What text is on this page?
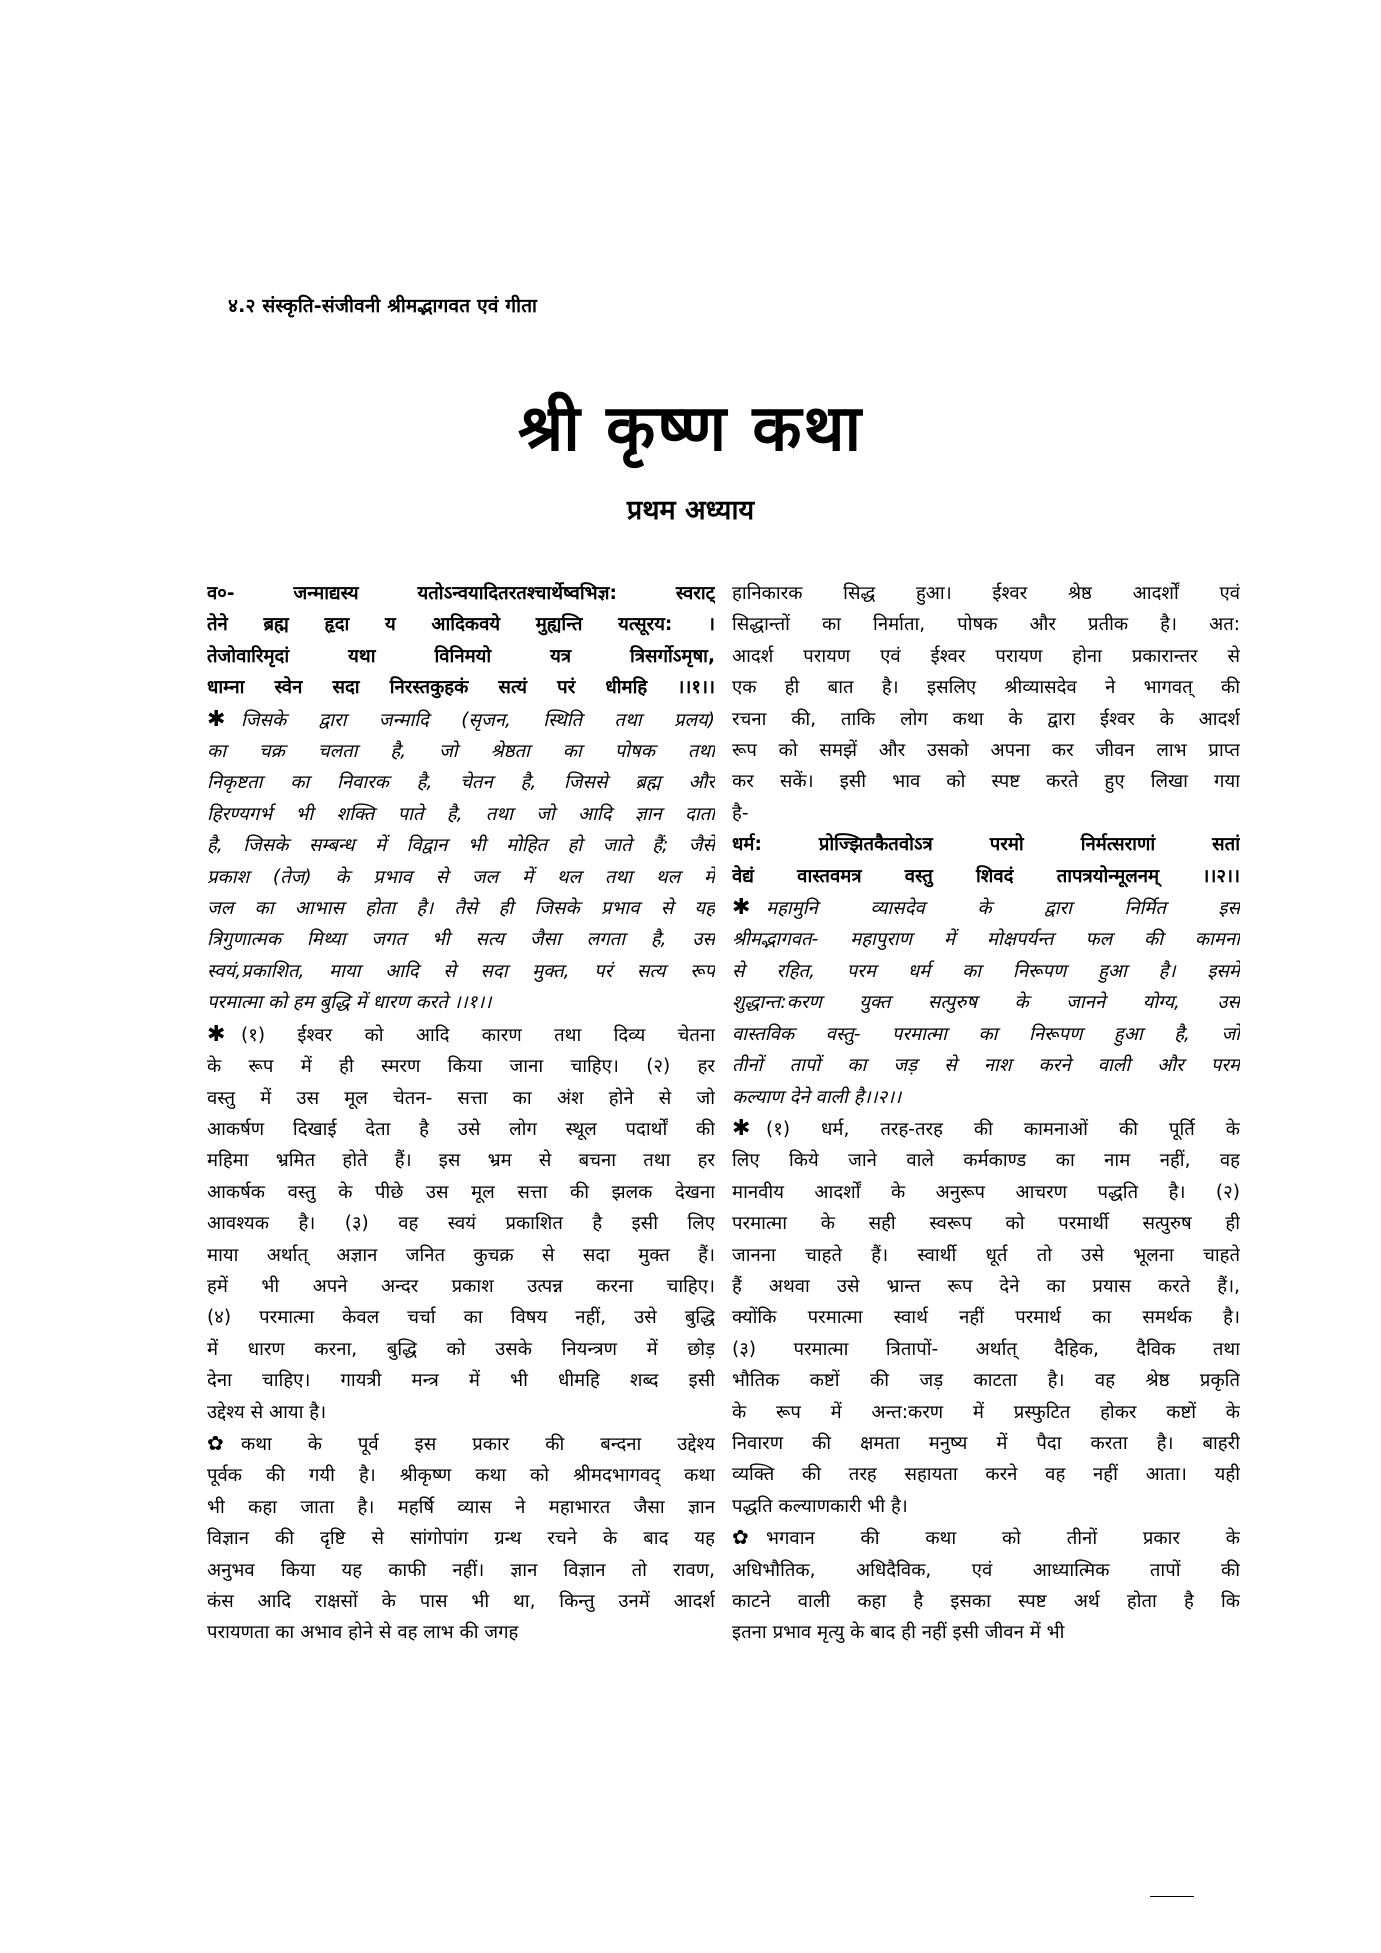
४.२ संस्कृति-संजीवनी श्रीमद्भागवत एवं गीता
श्री कृष्ण कथा
प्रथम अध्याय
व०- जन्माद्यस्य यतोऽन्वयादितरतश्चार्थेष्वभिज्ञ: स्वराट्
तेने ब्रह्म हृदा य आदिकवये मुह्यन्ति यत्सूरय: ।
तेजोवारिमृदां यथा विनिमयो यत्र त्रिसर्गोऽमृषा,
धाम्ना स्वेन सदा निरस्तकुहकं सत्यं परं धीमहि ।।१।।
✱ जिसके द्वारा जन्मादि (सृजन, स्थिति तथा प्रलय)
का चक्र चलता है, जो श्रेष्ठता का पोषक तथा
निकृष्टता का निवारक है, चेतन है, जिससे ब्रह्म और
हिरण्यगर्भ भी शक्ति पाते है, तथा जो आदि ज्ञान दाता
है, जिसके सम्बन्ध में विद्वान भी मोहित हो जाते हैं; जैसे
प्रकाश (तेज) के प्रभाव से जल में थल तथा थल में
जल का आभास होता है। तैसे ही जिसके प्रभाव से यह
त्रिगुणात्मक मिथ्या जगत भी सत्य जैसा लगता है, उस
स्वयं,प्रकाशित, माया आदि से सदा मुक्त, परं सत्य रूप
परमात्मा को हम बुद्धि में धारण करते ।।१।।
✱ (१) ईश्वर को आदि कारण तथा दिव्य चेतना
के रूप में ही स्मरण किया जाना चाहिए। (२) हर
वस्तु में उस मूल चेतन- सत्ता का अंश होने से जो
आकर्षण दिखाई देता है उसे लोग स्थूल पदार्थों की
महिमा भ्रमित होते हैं। इस भ्रम से बचना तथा हर
आकर्षक वस्तु के पीछे उस मूल सत्ता की झलक देखना
आवश्यक है। (३) वह स्वयं प्रकाशित है इसी लिए
माया अर्थात् अज्ञान जनित कुचक्र से सदा मुक्त हैं।
हमें भी अपने अन्दर प्रकाश उत्पन्न करना चाहिए।
(४) परमात्मा केवल चर्चा का विषय नहीं, उसे बुद्धि
में धारण करना, बुद्धि को उसके नियन्त्रण में छोड़
देना चाहिए। गायत्री मन्त्र में भी धीमहि शब्द इसी
उद्देश्य से आया है।
✿ कथा के पूर्व इस प्रकार की बन्दना उद्देश्य
पूर्वक की गयी है। श्रीकृष्ण कथा को श्रीमदभागवद् कथा
भी कहा जाता है। महर्षि व्यास ने महाभारत जैसा ज्ञान
विज्ञान की दृष्टि से सांगोपांग ग्रन्थ रचने के बाद यह
अनुभव किया यह काफी नहीं। ज्ञान विज्ञान तो रावण,
कंस आदि राक्षसों के पास भी था, किन्तु उनमें आदर्श
परायणता का अभाव होने से वह लाभ की जगह
हानिकारक सिद्ध हुआ। ईश्वर श्रेष्ठ आदर्शों एवं
सिद्धान्तों का निर्माता, पोषक और प्रतीक है। अत:
आदर्श परायण एवं ईश्वर परायण होना प्रकारान्तर से
एक ही बात है। इसलिए श्रीव्यासदेव ने भागवत् की
रचना की, ताकि लोग कथा के द्वारा ईश्वर के आदर्श
रूप को समझें और उसको अपना कर जीवन लाभ प्राप्त
कर सकें। इसी भाव को स्पष्ट करते हुए लिखा गया
है-
धर्म: प्रोज्झितकैतवोऽत्र परमो निर्मत्सराणां सतां
वेद्यं वास्तवमत्र वस्तु शिवदं तापत्रयोन्मूलनम् ।।२।।
✱ महामुनि व्यासदेव के द्वारा निर्मित इस
श्रीमद्भागवत- महापुराण में मोक्षपर्यन्त फल की कामना
से रहित, परम धर्म का निरूपण हुआ है। इसमे
शुद्धान्त:करण युक्त सत्पुरुष के जानने योग्य, उस
वास्तविक वस्तु- परमात्मा का निरूपण हुआ है, जो
तीनों तापों का जड़ से नाश करने वाली और परम
कल्याण देने वाली है।।२।।
✱ (१) धर्म, तरह-तरह की कामनाओं की पूर्ति के
लिए किये जाने वाले कर्मकाण्ड का नाम नहीं, वह
मानवीय आदर्शों के अनुरूप आचरण पद्धति है। (२)
परमात्मा के सही स्वरूप को परमार्थी सत्पुरुष ही
जानना चाहते हैं। स्वार्थी धूर्त तो उसे भूलना चाहते
हैं अथवा उसे भ्रान्त रूप देने का प्रयास करते हैं।,
क्योंकि परमात्मा स्वार्थ नहीं परमार्थ का समर्थक है।
(३) परमात्मा त्रितापों- अर्थात् दैहिक, दैविक तथा
भौतिक कष्टों की जड़ काटता है। वह श्रेष्ठ प्रकृति
के रूप में अन्त:करण में प्रस्फुटित होकर कष्टों के
निवारण की क्षमता मनुष्य में पैदा करता है। बाहरी
व्यक्ति की तरह सहायता करने वह नहीं आता। यही
पद्धति कल्याणकारी भी है।
✿ भगवान की कथा को तीनों प्रकार के
अधिभौतिक, अधिदैविक, एवं आध्यात्मिक तापों की
काटने वाली कहा है इसका स्पष्ट अर्थ होता है कि
इतना प्रभाव मृत्यु के बाद ही नहीं इसी जीवन में भी
